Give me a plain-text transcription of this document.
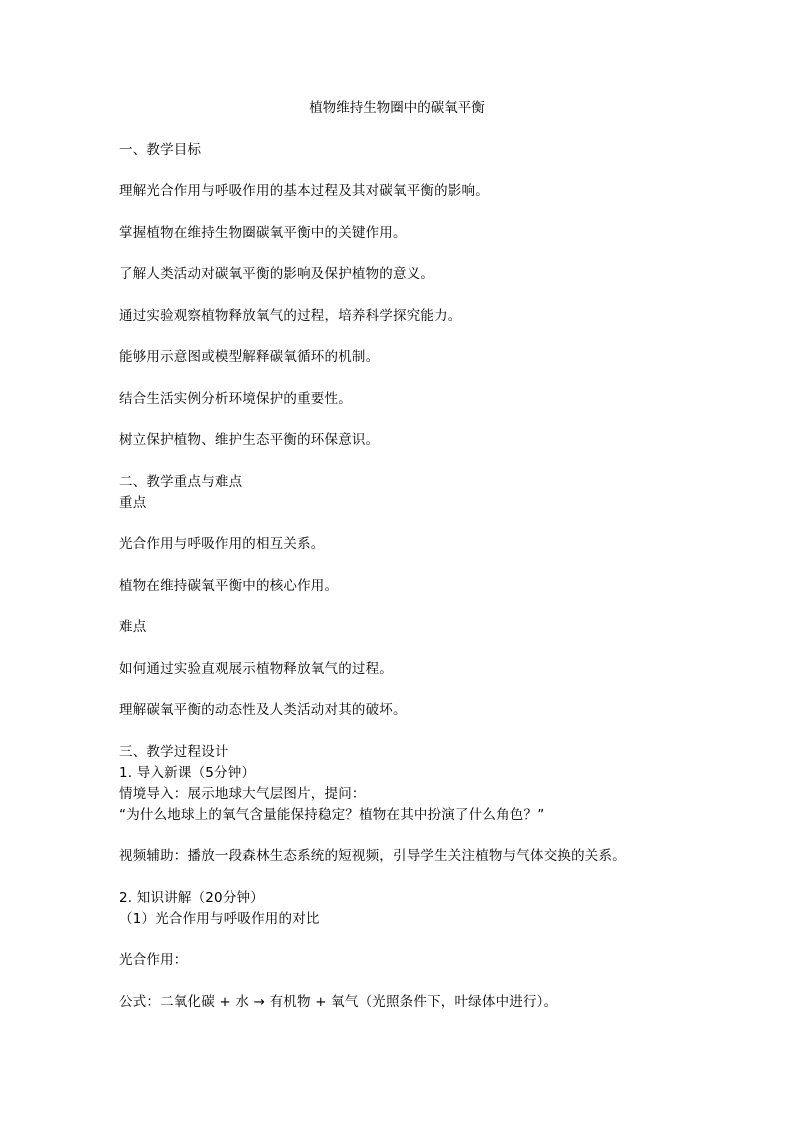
植物维持生物圈中的碳氧平衡
一、教学目标
理解光合作用与呼吸作用的基本过程及其对碳氧平衡的影响。
掌握植物在维持生物圈碳氧平衡中的关键作用。
了解人类活动对碳氧平衡的影响及保护植物的意义。
通过实验观察植物释放氧气的过程，培养科学探究能力。
能够用示意图或模型解释碳氧循环的机制。
结合生活实例分析环境保护的重要性。
树立保护植物、维护生态平衡的环保意识。
二、教学重点与难点
重点
光合作用与呼吸作用的相互关系。
植物在维持碳氧平衡中的核心作用。
难点
如何通过实验直观展示植物释放氧气的过程。
理解碳氧平衡的动态性及人类活动对其的破坏。
三、教学过程设计
1. 导入新课（5分钟）
情境导入：展示地球大气层图片，提问：
“为什么地球上的氧气含量能保持稳定？植物在其中扮演了什么角色？”
视频辅助：播放一段森林生态系统的短视频，引导学生关注植物与气体交换的关系。
2. 知识讲解（20分钟）
（1）光合作用与呼吸作用的对比
光合作用：
公式：二氧化碳 + 水 → 有机物 + 氧气（光照条件下，叶绿体中进行）。
